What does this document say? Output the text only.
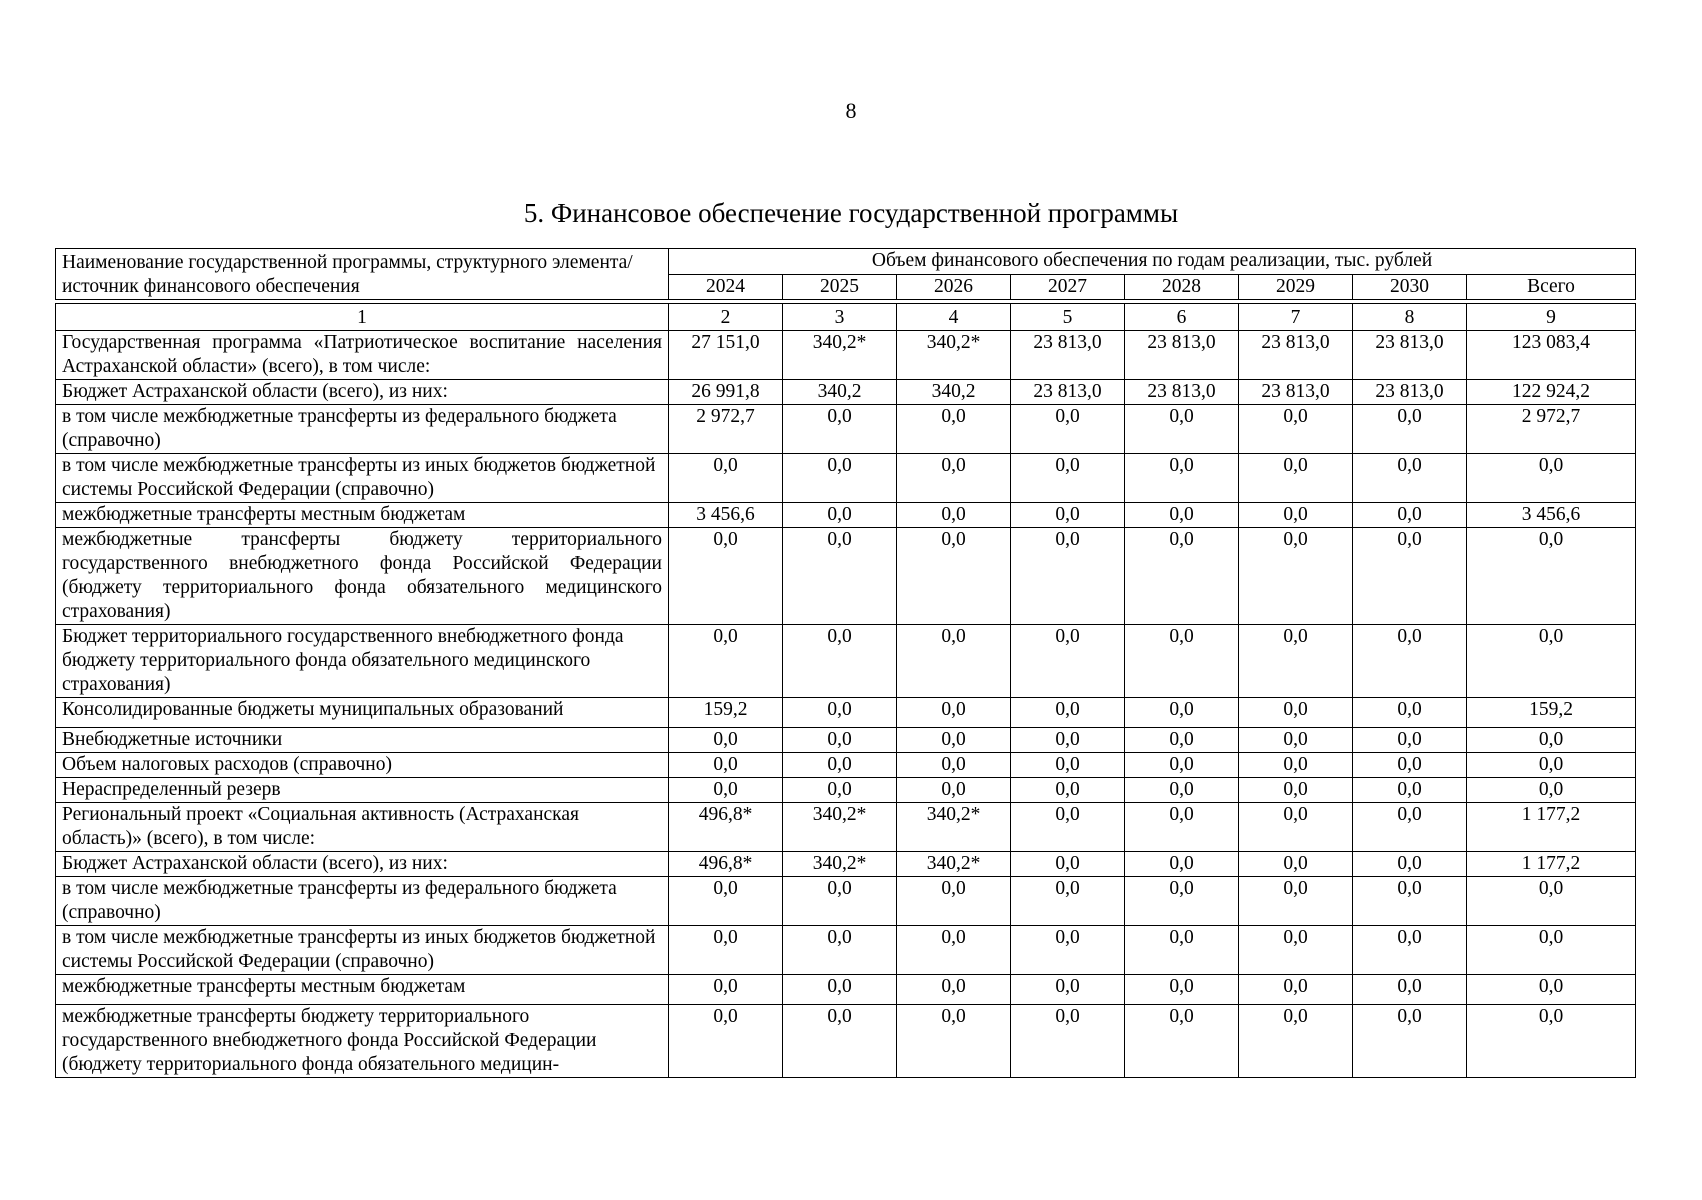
8
5. Финансовое обеспечение государственной программы
Наименование государственной программы, структурного элемента/источник финансового обеспечения	Объем финансового обеспечения по годам реализации, тыс. рублей							
	2024	2025	2026	2027	2028	2029	2030	Всего

1	2	3	4	5	6	7	8	9
Государственная программа «Патриотическое воспитание населения Астраханской области» (всего), в том числе:	27 151,0	340,2*	340,2*	23 813,0	23 813,0	23 813,0	23 813,0	123 083,4
Бюджет Астраханской области (всего), из них:	26 991,8	340,2	340,2	23 813,0	23 813,0	23 813,0	23 813,0	122 924,2
в том числе межбюджетные трансферты из федерального бюджета (справочно)	2 972,7	0,0	0,0	0,0	0,0	0,0	0,0	2 972,7
в том числе межбюджетные трансферты из иных бюджетов бюджетной системы Российской Федерации (справочно)	0,0	0,0	0,0	0,0	0,0	0,0	0,0	0,0
межбюджетные трансферты местным бюджетам	3 456,6	0,0	0,0	0,0	0,0	0,0	0,0	3 456,6
межбюджетные трансферты бюджету территориального государственного внебюджетного фонда Российской Федерации (бюджету территориального фонда обязательного медицинского страхования)	0,0	0,0	0,0	0,0	0,0	0,0	0,0	0,0
Бюджет территориального государственного внебюджетного фонда бюджету территориального фонда обязательного медицинского страхования)	0,0	0,0	0,0	0,0	0,0	0,0	0,0	0,0
Консолидированные бюджеты муниципальных образований	159,2	0,0	0,0	0,0	0,0	0,0	0,0	159,2
Внебюджетные источники	0,0	0,0	0,0	0,0	0,0	0,0	0,0	0,0
Объем налоговых расходов (справочно)	0,0	0,0	0,0	0,0	0,0	0,0	0,0	0,0
Нераспределенный резерв	0,0	0,0	0,0	0,0	0,0	0,0	0,0	0,0
Региональный проект «Социальная активность (Астраханская область)» (всего), в том числе:	496,8*	340,2*	340,2*	0,0	0,0	0,0	0,0	1 177,2
Бюджет Астраханской области (всего), из них:	496,8*	340,2*	340,2*	0,0	0,0	0,0	0,0	1 177,2
в том числе межбюджетные трансферты из федерального бюджета (справочно)	0,0	0,0	0,0	0,0	0,0	0,0	0,0	0,0
в том числе межбюджетные трансферты из иных бюджетов бюджетной системы Российской Федерации (справочно)	0,0	0,0	0,0	0,0	0,0	0,0	0,0	0,0
межбюджетные трансферты местным бюджетам	0,0	0,0	0,0	0,0	0,0	0,0	0,0	0,0
межбюджетные трансферты бюджету территориального государственного внебюджетного фонда Российской Федерации (бюджету территориального фонда обязательного медицин-	0,0	0,0	0,0	0,0	0,0	0,0	0,0	0,0
